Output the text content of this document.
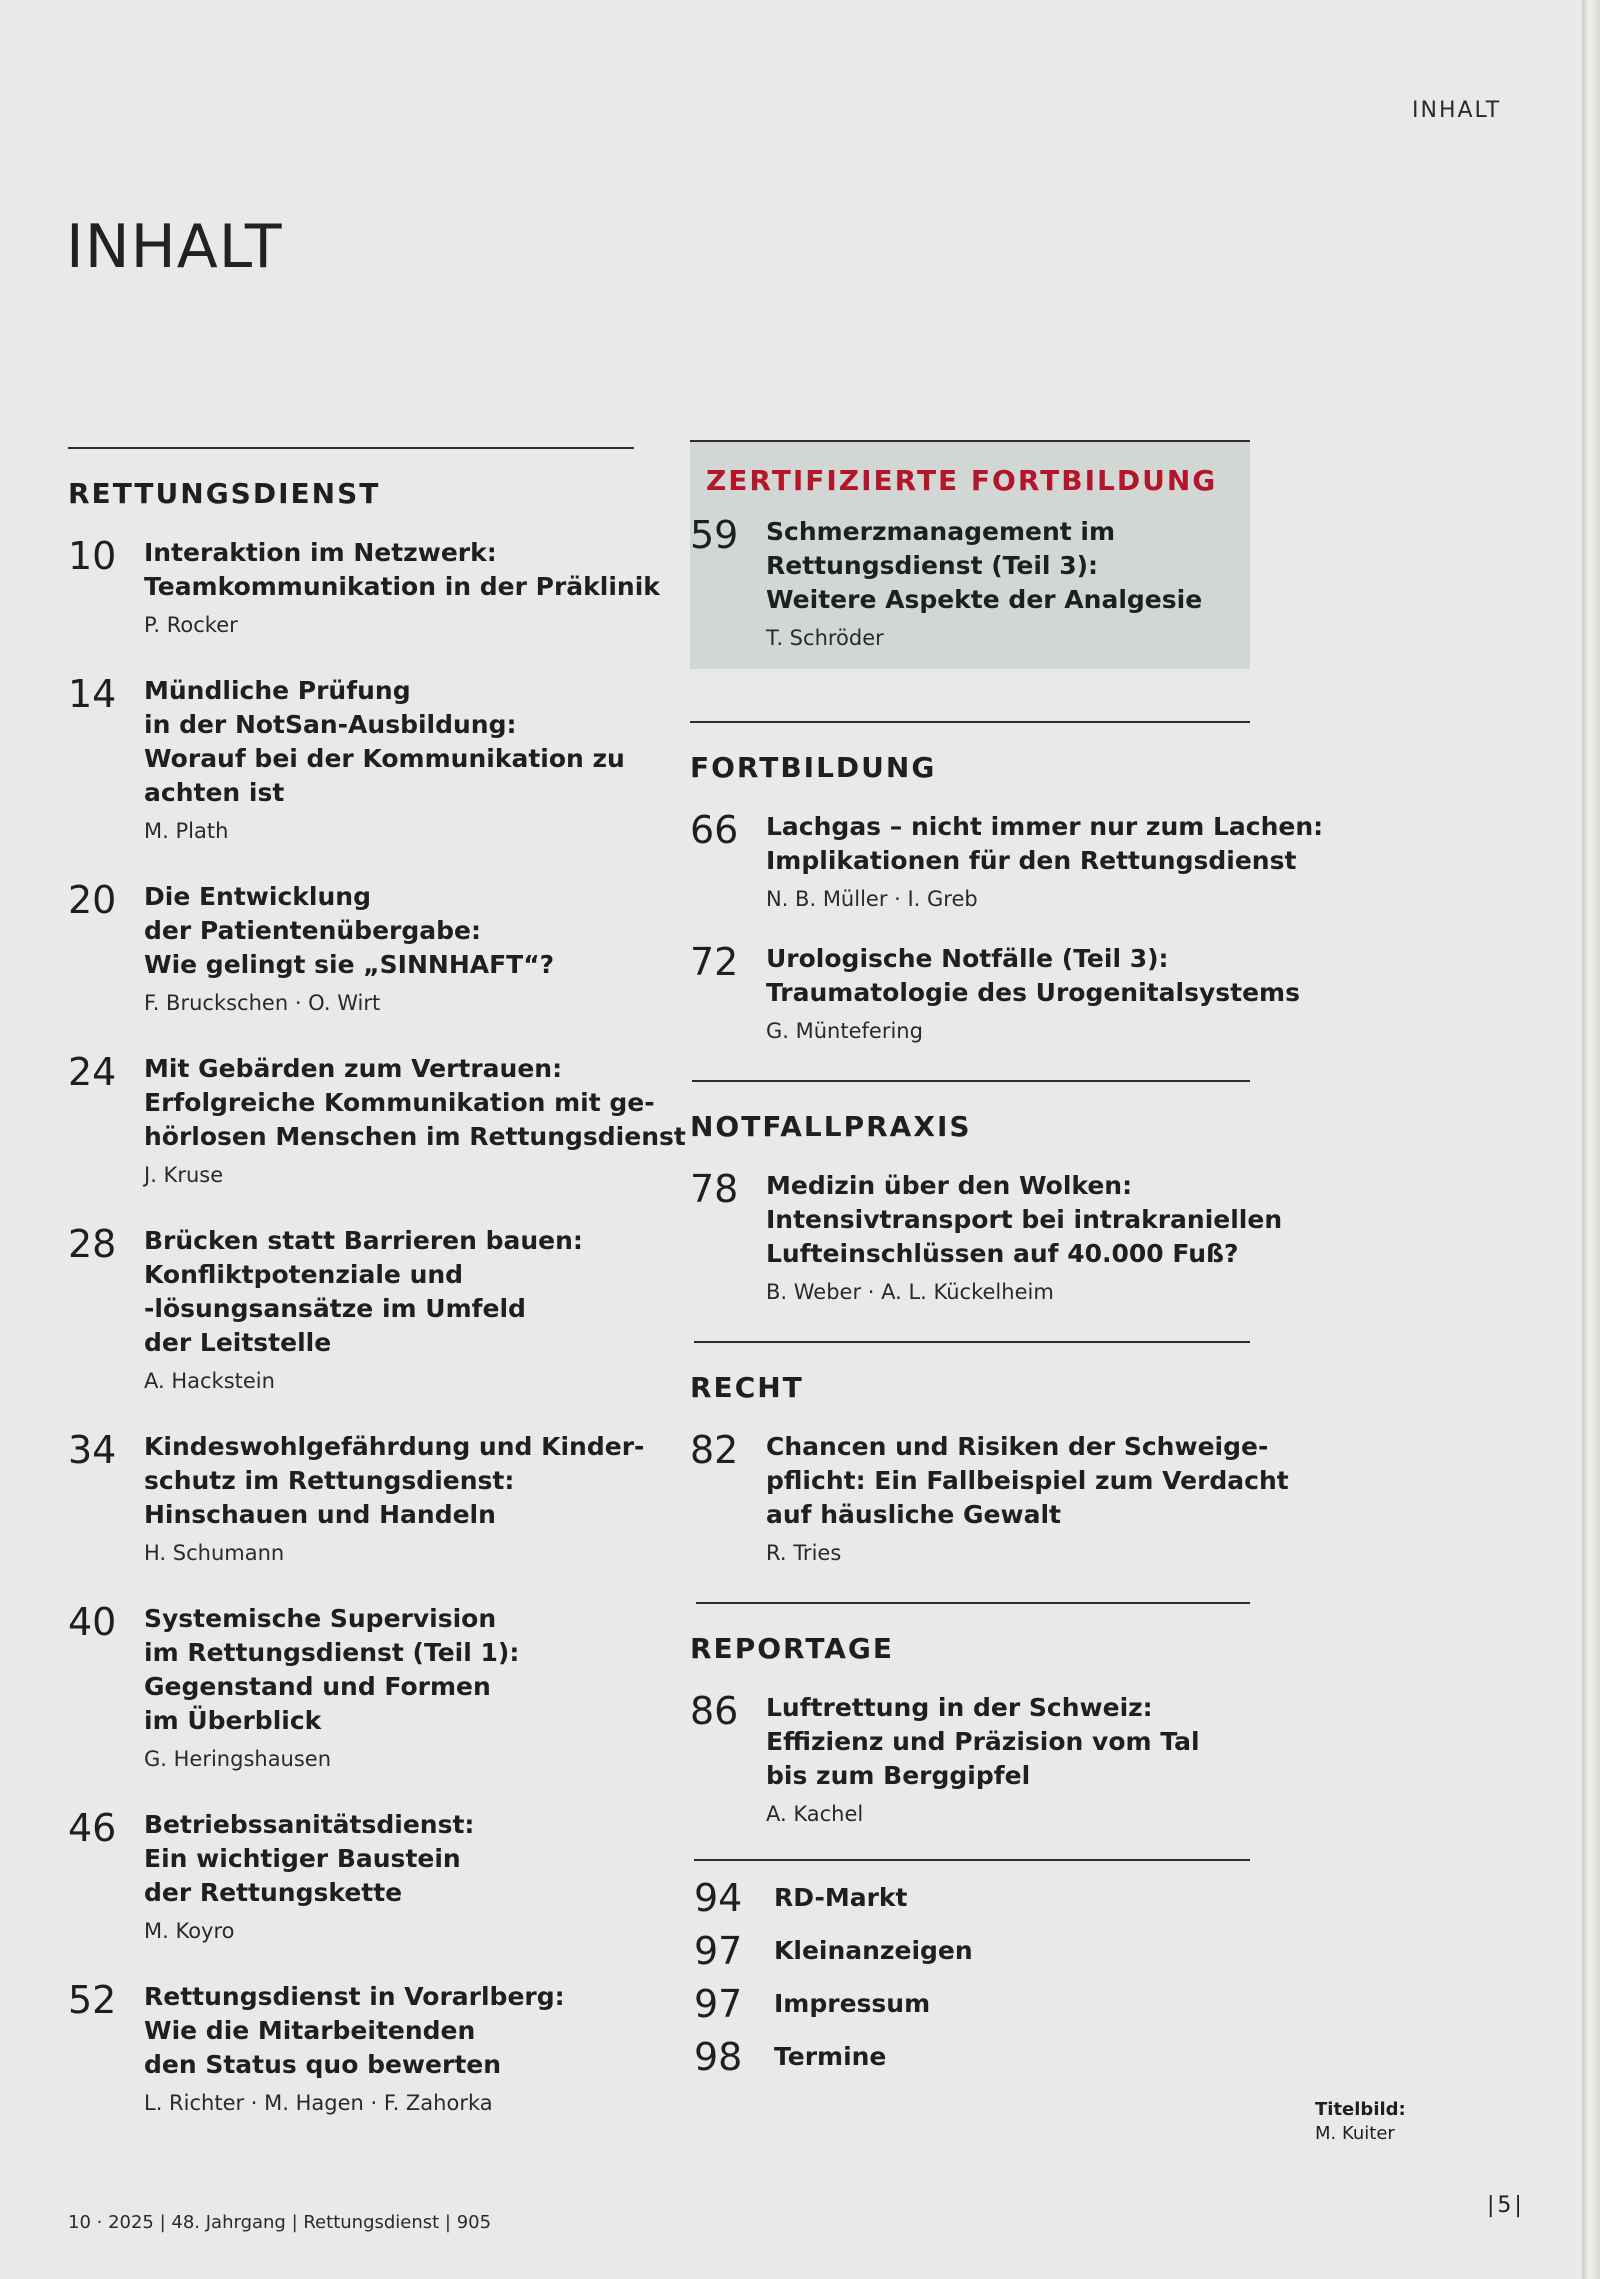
INHALT
INHALT
RETTUNGSDIENST
10 Interaktion im Netzwerk:
Teamkommunikation in der Präklinik
P. Rocker
14 Mündliche Prüfung
in der NotSan-Ausbildung:
Worauf bei der Kommunikation zu
achten ist
M. Plath
20 Die Entwicklung
der Patientenübergabe:
Wie gelingt sie „SINNHAFT“?
F. Bruckschen · O. Wirt
24 Mit Gebärden zum Vertrauen:
Erfolgreiche Kommunikation mit ge-
hörlosen Menschen im Rettungsdienst
J. Kruse
28 Brücken statt Barrieren bauen:
Konfliktpotenziale und
-lösungsansätze im Umfeld
der Leitstelle
A. Hackstein
34 Kindeswohlgefährdung und Kinder-
schutz im Rettungsdienst:
Hinschauen und Handeln
H. Schumann
40 Systemische Supervision
im Rettungsdienst (Teil 1):
Gegenstand und Formen
im Überblick
G. Heringshausen
46 Betriebssanitätsdienst:
Ein wichtiger Baustein
der Rettungskette
M. Koyro
52 Rettungsdienst in Vorarlberg:
Wie die Mitarbeitenden
den Status quo bewerten
L. Richter · M. Hagen · F. Zahorka
ZERTIFIZIERTE FORTBILDUNG
59 Schmerzmanagement im
Rettungsdienst (Teil 3):
Weitere Aspekte der Analgesie
T. Schröder
FORTBILDUNG
66 Lachgas – nicht immer nur zum Lachen:
Implikationen für den Rettungsdienst
N. B. Müller · I. Greb
72 Urologische Notfälle (Teil 3):
Traumatologie des Urogenitalsystems
G. Müntefering
NOTFALLPRAXIS
78 Medizin über den Wolken:
Intensivtransport bei intrakraniellen
Lufteinschlüssen auf 40.000 Fuß?
B. Weber · A. L. Kückelheim
RECHT
82 Chancen und Risiken der Schweige-
pflicht: Ein Fallbeispiel zum Verdacht
auf häusliche Gewalt
R. Tries
REPORTAGE
86 Luftrettung in der Schweiz:
Effizienz und Präzision vom Tal
bis zum Berggipfel
A. Kachel
94 RD-Markt
97 Kleinanzeigen
97 Impressum
98 Termine
Titelbild:
M. Kuiter
10 · 2025 | 48. Jahrgang | Rettungsdienst | 905
|5|
